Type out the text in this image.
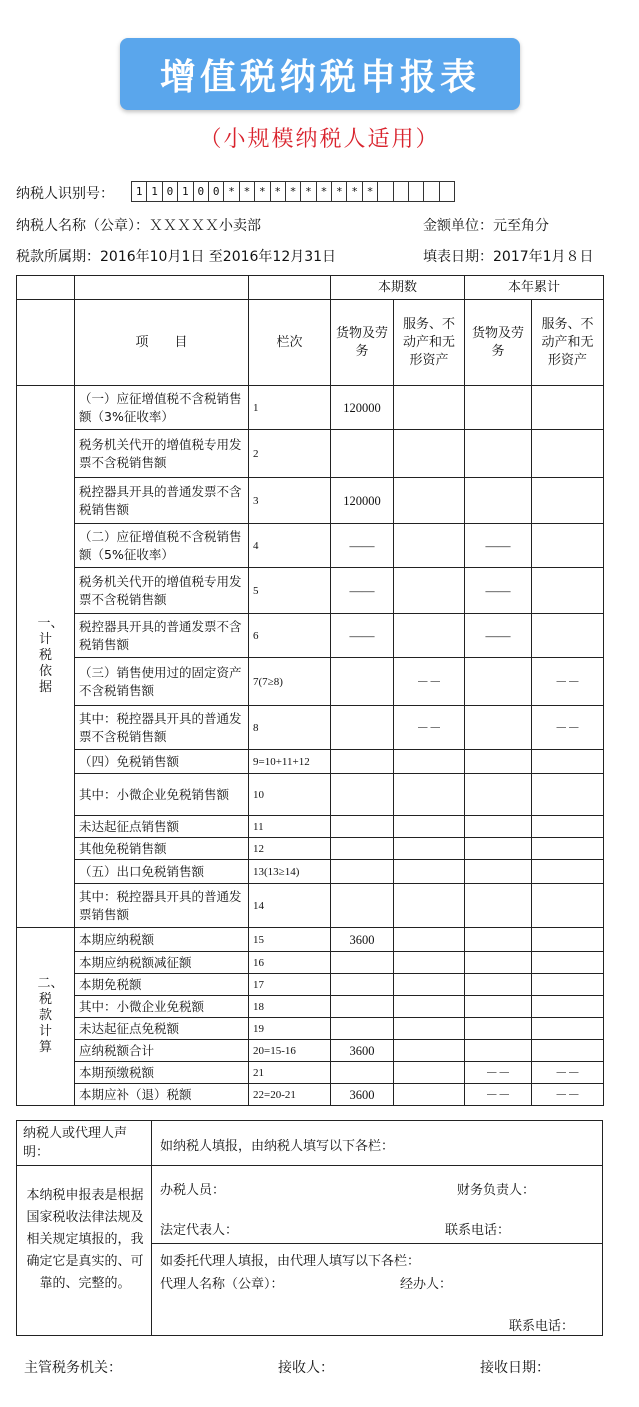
增值税纳税申报表
（小规模纳税人适用）
纳税人识别号：	1 1 0 1 0 0 * * * * * * * * * *
纳税人名称（公章）：ＸＸＸＸＸ小卖部	金额单位：元至角分
税款所属期：2016年10月1日 至2016年12月31日	填表日期：2017年1月８日
			本期数		本年累计	
	项　　目	栏次	货物及劳务	服务、不动产和无形资产	货物及劳务	服务、不动产和无形资产
一、计税依据	（一）应征增值税不含税销售额（3%征收率）	1	120000			
	税务机关代开的增值税专用发票不含税销售额	2				
	税控器具开具的普通发票不含税销售额	3	120000			
	（二）应征增值税不含税销售额（5%征收率）	4	——		——	
	税务机关代开的增值税专用发票不含税销售额	5	——		——	
	税控器具开具的普通发票不含税销售额	6	——		——	
	（三）销售使用过的固定资产不含税销售额	7(7≥8)		－－		－－
	其中：税控器具开具的普通发票不含税销售额	8		－－		－－
	（四）免税销售额	9=10+11+12				
	其中：小微企业免税销售额	10				
	未达起征点销售额	11				
	其他免税销售额	12				
	（五）出口免税销售额	13(13≥14)				
	其中：税控器具开具的普通发票销售额	14				
二、税款计算	本期应纳税额	15	3600			
	本期应纳税额减征额	16				
	本期免税额	17				
	其中：小微企业免税额	18				
	未达起征点免税额	19				
	应纳税额合计	20=15-16	3600			
	本期预缴税额	21			－－	－－
	本期应补（退）税额	22=20-21	3600		－－	－－
纳税人或代理人声明：
本纳税申报表是根据国家税收法律法规及相关规定填报的，我确定它是真实的、可靠的、完整的。
如纳税人填报，由纳税人填写以下各栏：
办税人员：	财务负责人：
法定代表人：	联系电话：
如委托代理人填报，由代理人填写以下各栏：
代理人名称（公章）：	经办人：
联系电话：
主管税务机关：	接收人：	接收日期：
